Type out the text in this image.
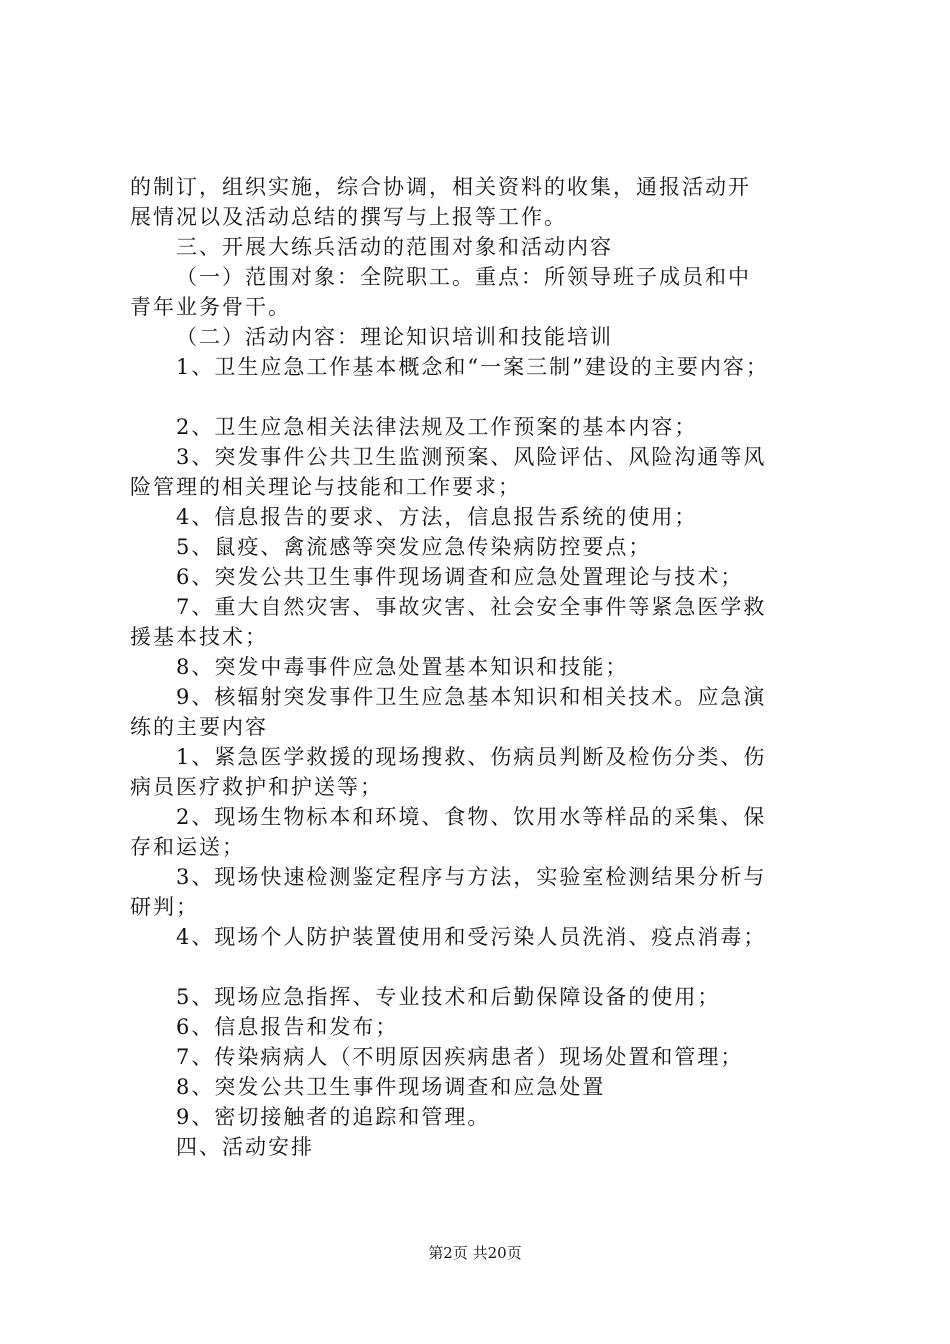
的制订，组织实施，综合协调，相关资料的收集，通报活动开
展情况以及活动总结的撰写与上报等工作。
三、开展大练兵活动的范围对象和活动内容
（一）范围对象：全院职工。重点：所领导班子成员和中
青年业务骨干。
（二）活动内容：理论知识培训和技能培训
1、卫生应急工作基本概念和“一案三制”建设的主要内容；
2、卫生应急相关法律法规及工作预案的基本内容；
3、突发事件公共卫生监测预案、风险评估、风险沟通等风
险管理的相关理论与技能和工作要求；
4、信息报告的要求、方法，信息报告系统的使用；
5、鼠疫、禽流感等突发应急传染病防控要点；
6、突发公共卫生事件现场调查和应急处置理论与技术；
7、重大自然灾害、事故灾害、社会安全事件等紧急医学救
援基本技术；
8、突发中毒事件应急处置基本知识和技能；
9、核辐射突发事件卫生应急基本知识和相关技术。应急演
练的主要内容
1、紧急医学救援的现场搜救、伤病员判断及检伤分类、伤
病员医疗救护和护送等；
2、现场生物标本和环境、食物、饮用水等样品的采集、保
存和运送；
3、现场快速检测鉴定程序与方法，实验室检测结果分析与
研判；
4、现场个人防护装置使用和受污染人员洗消、疫点消毒；
5、现场应急指挥、专业技术和后勤保障设备的使用；
6、信息报告和发布；
7、传染病病人（不明原因疾病患者）现场处置和管理；
8、突发公共卫生事件现场调查和应急处置
9、密切接触者的追踪和管理。
四、活动安排
第2页 共20页
